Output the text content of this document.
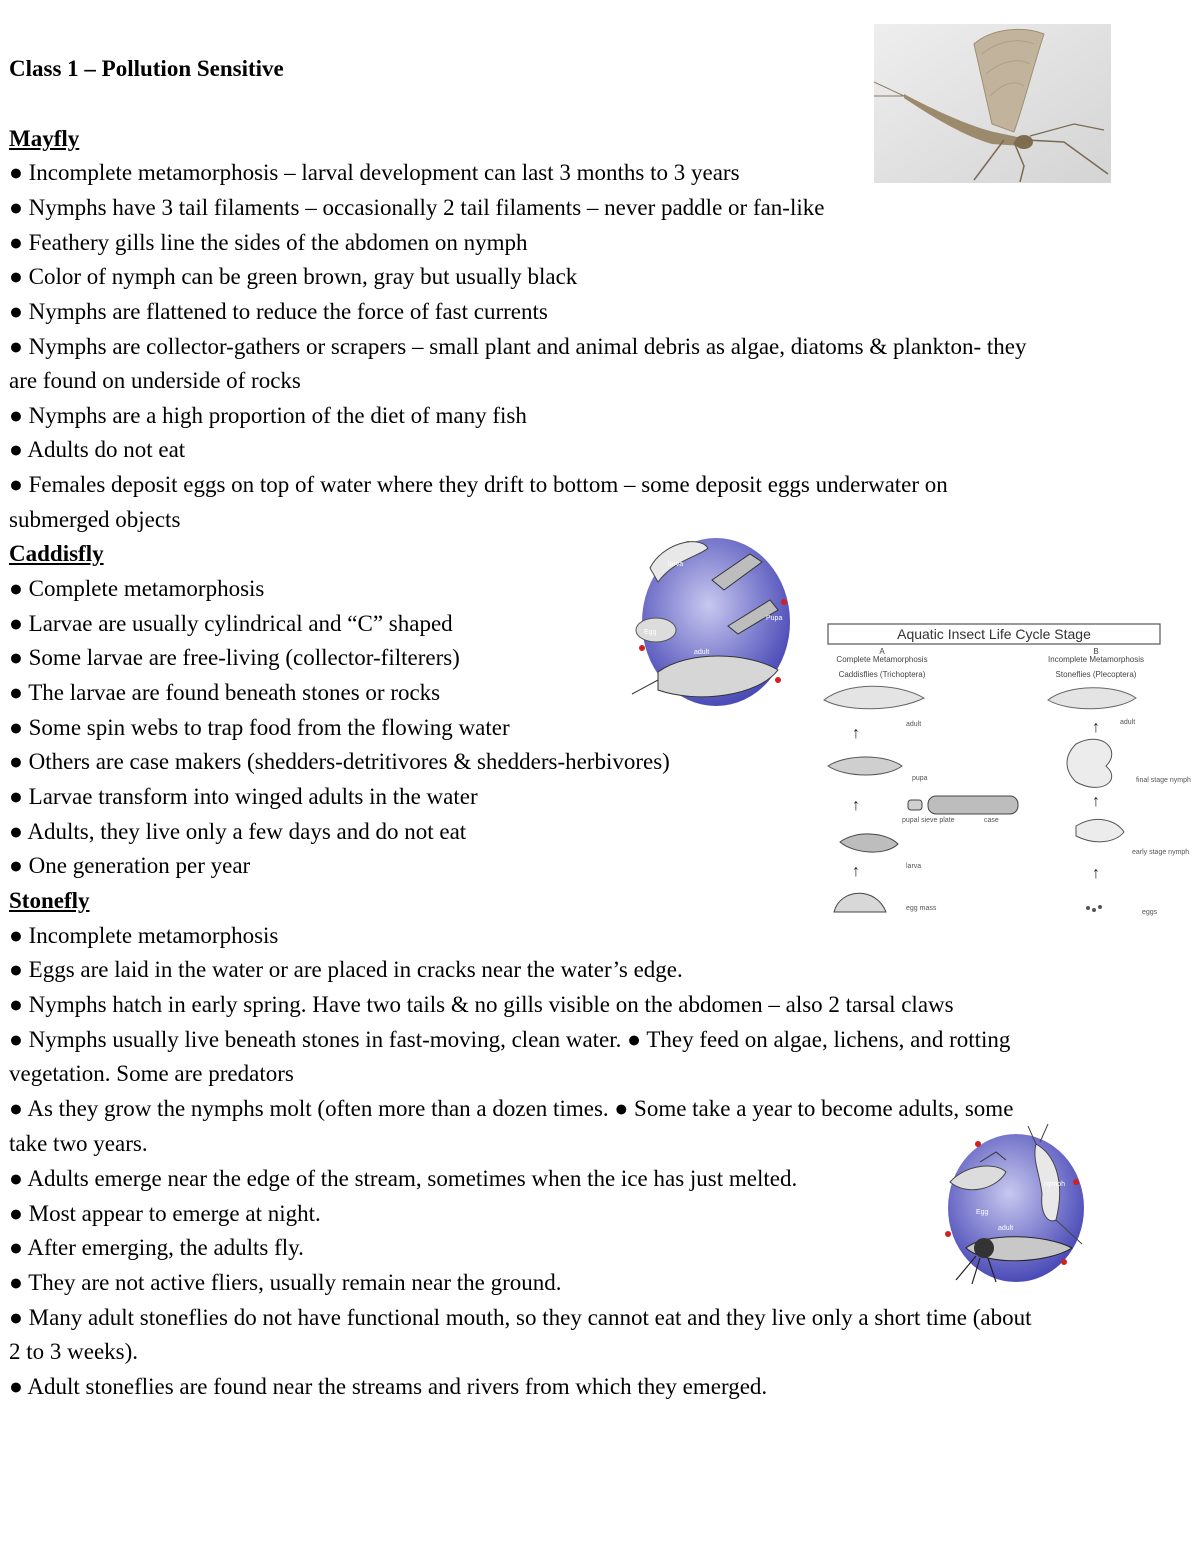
Class 1 – Pollution Sensitive
Mayfly
● Incomplete metamorphosis – larval development can last 3 months to 3 years
● Nymphs have 3 tail filaments – occasionally 2 tail filaments – never paddle or fan-like
● Feathery gills line the sides of the abdomen on nymph
● Color of nymph can be green brown, gray but usually black
● Nymphs are flattened to reduce the force of fast currents
● Nymphs are collector-gathers or scrapers – small plant and animal debris as algae, diatoms & plankton- they
are found on underside of rocks
● Nymphs are a high proportion of the diet of many fish
● Adults do not eat
● Females deposit eggs on top of water where they drift to bottom – some deposit eggs underwater on
submerged objects
Caddisfly
● Complete metamorphosis
● Larvae are usually cylindrical and “C” shaped
● Some larvae are free-living (collector-filterers)
● The larvae are found beneath stones or rocks
● Some spin webs to trap food from the flowing water
● Others are case makers (shedders-detritivores & shedders-herbivores)
● Larvae transform into winged adults in the water
● Adults, they live only a few days and do not eat
● One generation per year
Stonefly
● Incomplete metamorphosis
● Eggs are laid in the water or are placed in cracks near the water’s edge.
● Nymphs hatch in early spring. Have two tails & no gills visible on the abdomen – also 2 tarsal claws
● Nymphs usually live beneath stones in fast-moving, clean water. ● They feed on algae, lichens, and rotting
vegetation. Some are predators
● As they grow the nymphs molt (often more than a dozen times. ● Some take a year to become adults, some
take two years.
● Adults emerge near the edge of the stream, sometimes when the ice has just melted.
● Most appear to emerge at night.
● After emerging, the adults fly.
● They are not active fliers, usually remain near the ground.
● Many adult stoneflies do not have functional mouth, so they cannot eat and they live only a short time (about
2 to 3 weeks).
● Adult stoneflies are found near the streams and rivers from which they emerged.
larva
Egg
Pupa
adult
Aquatic Insect Life Cycle Stage
A
Complete Metamorphosis
Caddisflies (Trichoptera)
B
Incomplete Metamorphosis
Stoneflies (Plecoptera)
adult
↑
pupa
↑
pupal sieve plate	case
larva
↑
egg mass
adult
↑
final stage nymph
↑
early stage nymph
↑
eggs
Egg
nymph
adult
